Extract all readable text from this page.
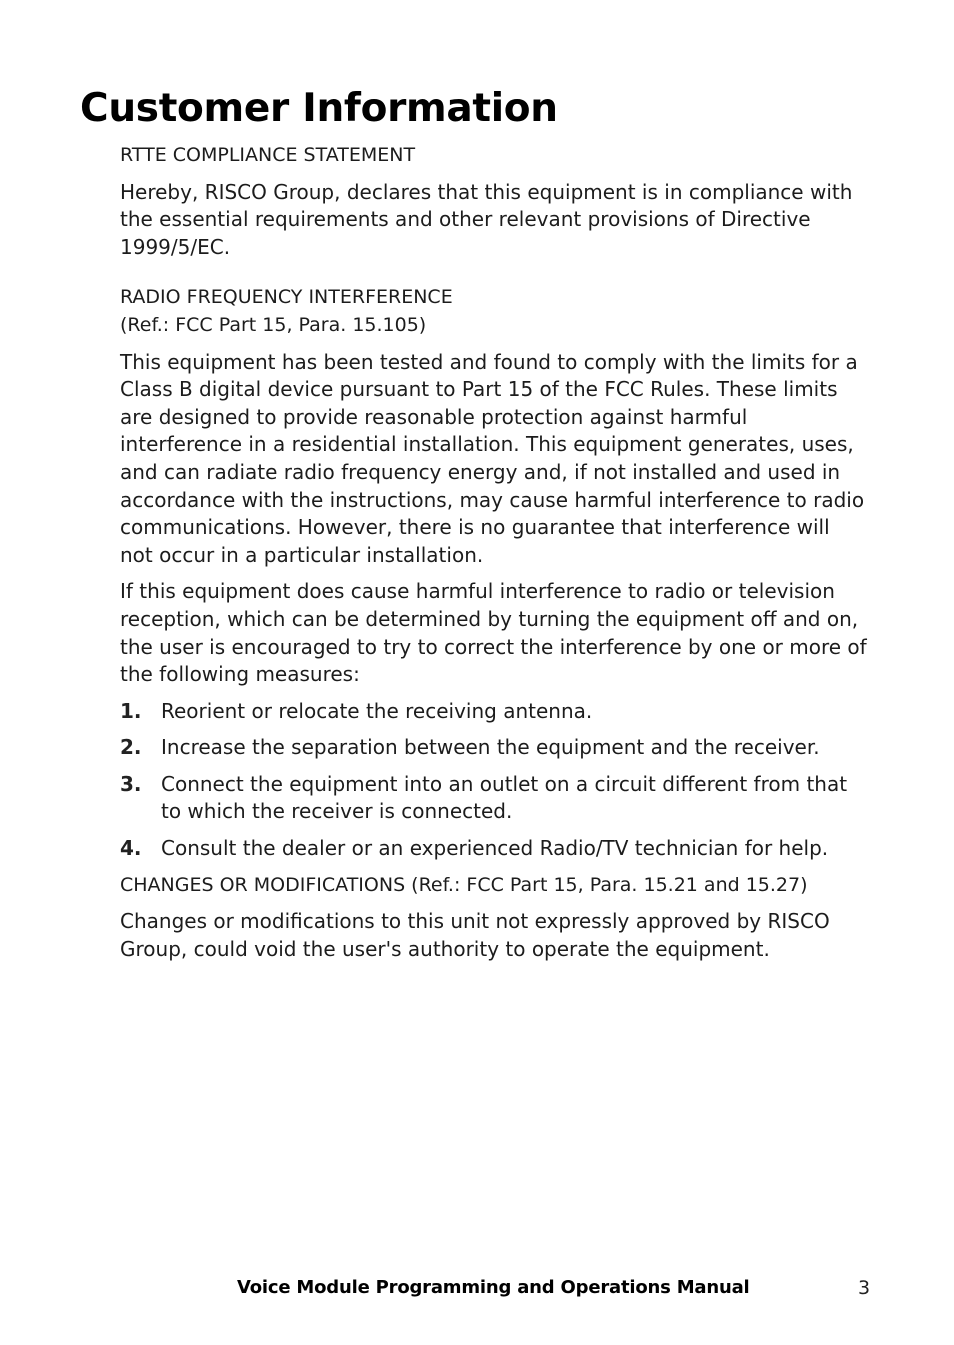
Customer Information

RTTE COMPLIANCE STATEMENT

Hereby, RISCO Group, declares that this equipment is in compliance with the essential requirements and other relevant provisions of Directive 1999/5/EC.

RADIO FREQUENCY INTERFERENCE

(Ref.: FCC Part 15, Para. 15.105)

This equipment has been tested and found to comply with the limits for a Class B digital device pursuant to Part 15 of the FCC Rules. These limits are designed to provide reasonable protection against harmful interference in a residential installation. This equipment generates, uses, and can radiate radio frequency energy and, if not installed and used in accordance with the instructions, may cause harmful interference to radio communications. However, there is no guarantee that interference will not occur in a particular installation.

If this equipment does cause harmful interference to radio or television reception, which can be determined by turning the equipment off and on, the user is encouraged to try to correct the interference by one or more of the following measures:

1. Reorient or relocate the receiving antenna.
2. Increase the separation between the equipment and the receiver.
3. Connect the equipment into an outlet on a circuit different from that to which the receiver is connected.
4. Consult the dealer or an experienced Radio/TV technician for help.

CHANGES OR MODIFICATIONS (Ref.: FCC Part 15, Para. 15.21 and 15.27)

Changes or modifications to this unit not expressly approved by RISCO Group, could void the user's authority to operate the equipment.

Voice Module Programming and Operations Manual	3
